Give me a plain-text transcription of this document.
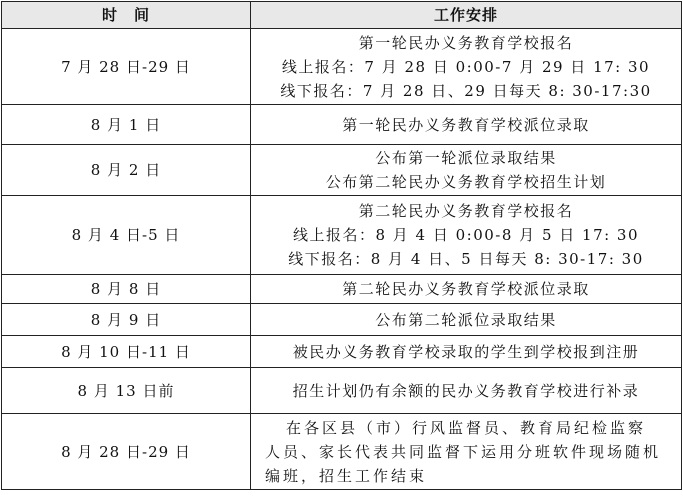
时　间	工作安排
7 月 28 日-29 日	第一轮民办义务教育学校报名
线上报名：7 月 28 日 0:00-7 月 29 日 17: 30
线下报名：7 月 28 日、29 日每天 8: 30-17:30

8 月 1 日	第一轮民办义务教育学校派位录取

8 月 2 日	公布第一轮派位录取结果
公布第二轮民办义务教育学校招生计划

8 月 4 日-5 日	第二轮民办义务教育学校报名
线上报名：8 月 4 日 0:00-8 月 5 日 17: 30
线下报名：8 月 4 日、5 日每天 8: 30-17: 30

8 月 8 日	第二轮民办义务教育学校派位录取

8 月 9 日	公布第二轮派位录取结果

8 月 10 日-11 日	被民办义务教育学校录取的学生到学校报到注册

8 月 13 日前	招生计划仍有余额的民办义务教育学校进行补录

8 月 28 日-29 日	在各区县（市）行风监督员、教育局纪检监察
人员、家长代表共同监督下运用分班软件现场随机
编班，招生工作结束
